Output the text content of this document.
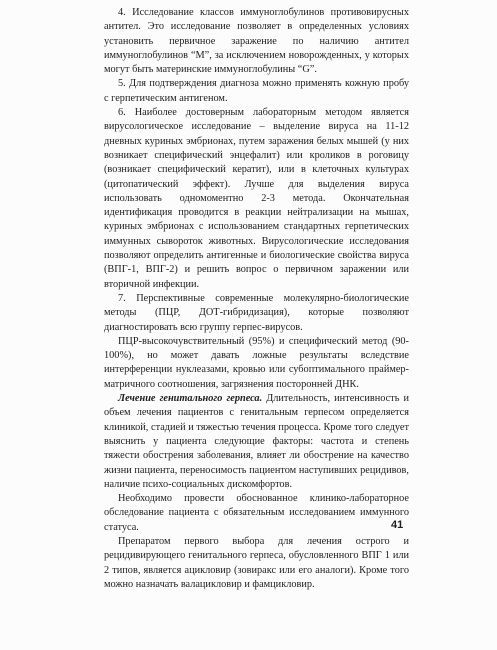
4. Исследование классов иммуноглобулинов противовирусных антител. Это исследование позволяет в определенных условиях установить первичное заражение по наличию антител иммуноглобулинов “M”, за исключением новорожденных, у которых могут быть материнские иммуноглобулины “G”.

5. Для подтверждения диагноза можно применять кожную пробу с герпетическим антигеном.

6. Наиболее достоверным лабораторным методом является вирусологическое исследование – выделение вируса на 11-12 дневных куриных эмбрионах, путем заражения белых мышей (у них возникает специфический энцефалит) или кроликов в роговицу (возникает специфический кератит), или в клеточных культурах (цитопатический эффект). Лучше для выделения вируса использовать одномоментно 2-3 метода. Окончательная идентификация проводится в реакции нейтрализации на мышах, куриных эмбрионах с использованием стандартных герпетических иммунных сывороток животных. Вирусологические исследования позволяют определить антигенные и биологические свойства вируса (ВПГ-1, ВПГ-2) и решить вопрос о первичном заражении или вторичной инфекции.

7. Перспективные современные молекулярно-биологические методы (ПЦР, ДОТ-гибридизация), которые позволяют диагностировать всю группу герпес-вирусов.

ПЦР-высокочувствительный (95%) и специфический метод (90-100%), но может давать ложные результаты вследствие интерференции нуклеазами, кровью или субоптимального праймер-матричного соотношения, загрязнения посторонней ДНК.

Лечение генитального герпеса. Длительность, интенсивность и объем лечения пациентов с генитальным герпесом определяется клиникой, стадией и тяжестью течения процесса. Кроме того следует выяснить у пациента следующие факторы: частота и степень тяжести обострения заболевания, влияет ли обострение на качество жизни пациента, переносимость пациентом наступивших рецидивов, наличие психо-социальных дискомфортов.

Необходимо провести обоснованное клинико-лабораторное обследование пациента с обязательным исследованием иммунного статуса.

Препаратом первого выбора для лечения острого и рецидивирующего генитального герпеса, обусловленного ВПГ 1 или 2 типов, является ацикловир (зовиракс или его аналоги). Кроме того можно назначать валацикловир и фамцикловир.

41
